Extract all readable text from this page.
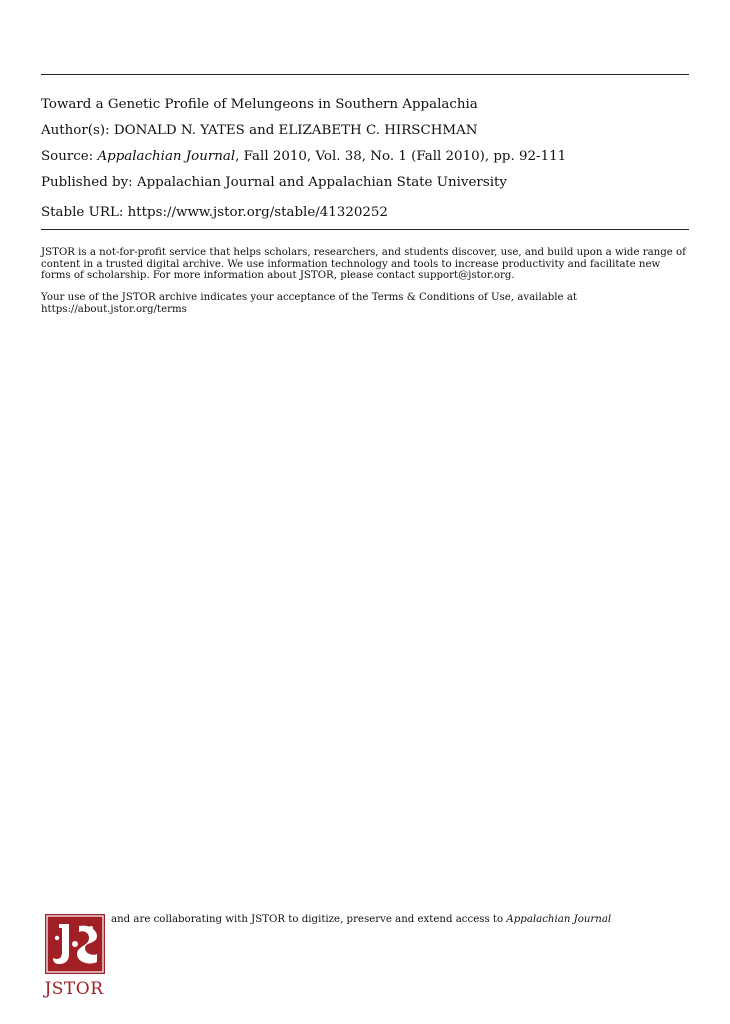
Toward a Genetic Profile of Melungeons in Southern Appalachia
Author(s): DONALD N. YATES and ELIZABETH C. HIRSCHMAN
Source: Appalachian Journal, Fall 2010, Vol. 38, No. 1 (Fall 2010), pp. 92-111
Published by: Appalachian Journal and Appalachian State University
Stable URL: https://www.jstor.org/stable/41320252

JSTOR is a not-for-profit service that helps scholars, researchers, and students discover, use, and build upon a wide range of content in a trusted digital archive. We use information technology and tools to increase productivity and facilitate new forms of scholarship. For more information about JSTOR, please contact support@jstor.org.

Your use of the JSTOR archive indicates your acceptance of the Terms & Conditions of Use, available at https://about.jstor.org/terms

JSTOR
and are collaborating with JSTOR to digitize, preserve and extend access to Appalachian Journal
